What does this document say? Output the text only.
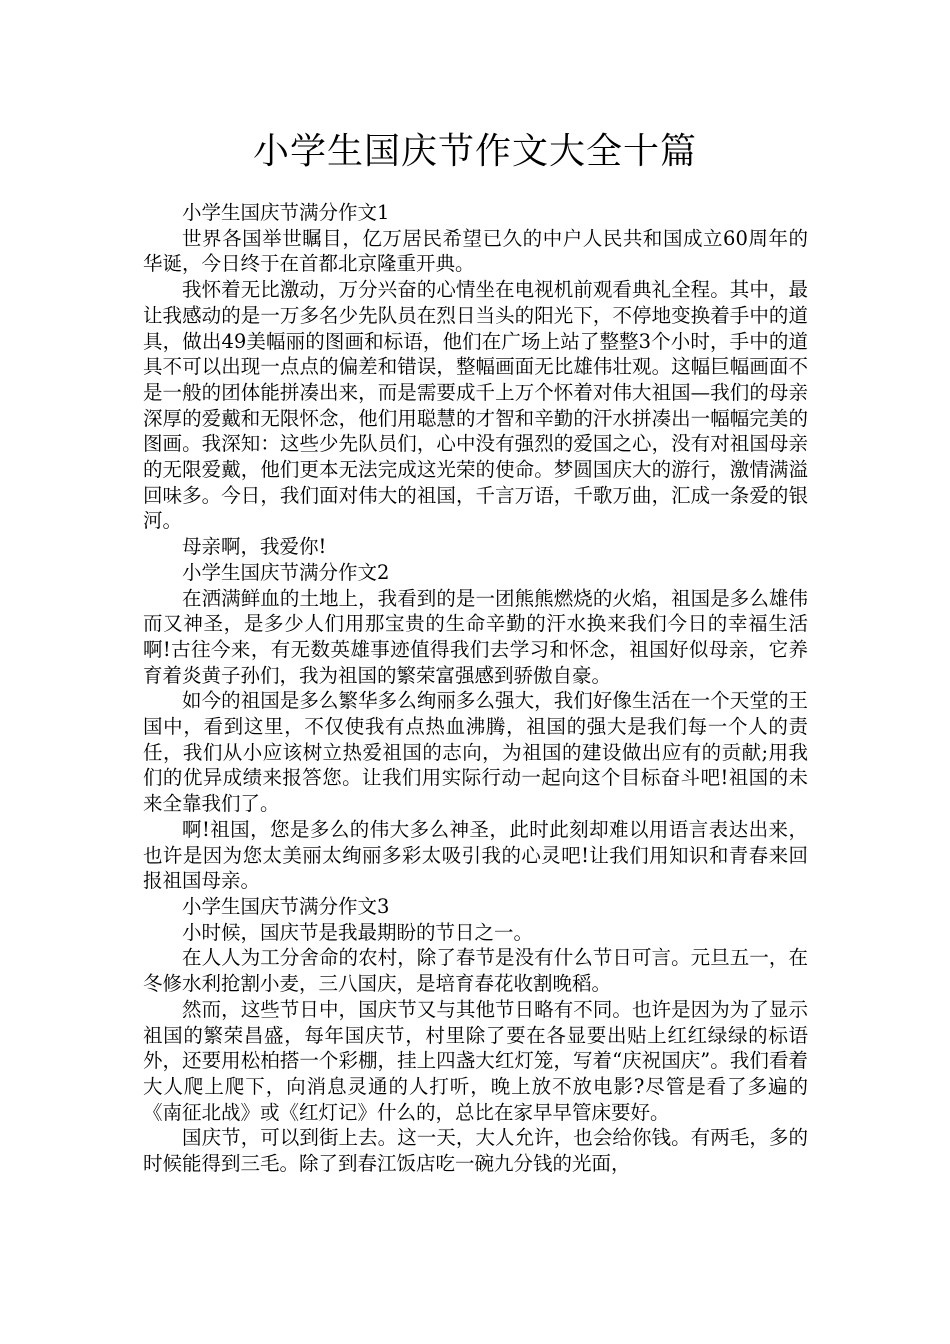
小学生国庆节作文大全十篇

小学生国庆节满分作文1

世界各国举世瞩目，亿万居民希望已久的中户人民共和国成立60周年的华诞，今日终于在首都北京隆重开典。

我怀着无比激动，万分兴奋的心情坐在电视机前观看典礼全程。其中，最让我感动的是一万多名少先队员在烈日当头的阳光下，不停地变换着手中的道具，做出49美幅丽的图画和标语，他们在广场上站了整整3个小时，手中的道具不可以出现一点点的偏差和错误，整幅画面无比雄伟壮观。这幅巨幅画面不是一般的团体能拼凑出来，而是需要成千上万个怀着对伟大祖国—我们的母亲深厚的爱戴和无限怀念，他们用聪慧的才智和辛勤的汗水拼凑出一幅幅完美的图画。我深知：这些少先队员们，心中没有强烈的爱国之心，没有对祖国母亲的无限爱戴，他们更本无法完成这光荣的使命。梦圆国庆大的游行，激情满溢回味多。今日，我们面对伟大的祖国，千言万语，千歌万曲，汇成一条爱的银河。

母亲啊，我爱你!

小学生国庆节满分作文2

在洒满鲜血的土地上，我看到的是一团熊熊燃烧的火焰，祖国是多么雄伟而又神圣，是多少人们用那宝贵的生命辛勤的汗水换来我们今日的幸福生活啊!古往今来，有无数英雄事迹值得我们去学习和怀念，祖国好似母亲，它养育着炎黄子孙们，我为祖国的繁荣富强感到骄傲自豪。

如今的祖国是多么繁华多么绚丽多么强大，我们好像生活在一个天堂的王国中，看到这里，不仅使我有点热血沸腾，祖国的强大是我们每一个人的责任，我们从小应该树立热爱祖国的志向，为祖国的建设做出应有的贡献;用我们的优异成绩来报答您。让我们用实际行动一起向这个目标奋斗吧!祖国的未来全靠我们了。

啊!祖国，您是多么的伟大多么神圣，此时此刻却难以用语言表达出来，也许是因为您太美丽太绚丽多彩太吸引我的心灵吧!让我们用知识和青春来回报祖国母亲。

小学生国庆节满分作文3

小时候，国庆节是我最期盼的节日之一。

在人人为工分舍命的农村，除了春节是没有什么节日可言。元旦五一，在冬修水利抢割小麦，三八国庆，是培育春花收割晚稻。

然而，这些节日中，国庆节又与其他节日略有不同。也许是因为为了显示祖国的繁荣昌盛，每年国庆节，村里除了要在各显要出贴上红红绿绿的标语外，还要用松柏搭一个彩棚，挂上四盏大红灯笼，写着“庆祝国庆”。我们看着大人爬上爬下，向消息灵通的人打听，晚上放不放电影?尽管是看了多遍的《南征北战》或《红灯记》什么的，总比在家早早管床要好。

国庆节，可以到街上去。这一天，大人允许，也会给你钱。有两毛，多的时候能得到三毛。除了到春江饭店吃一碗九分钱的光面，
